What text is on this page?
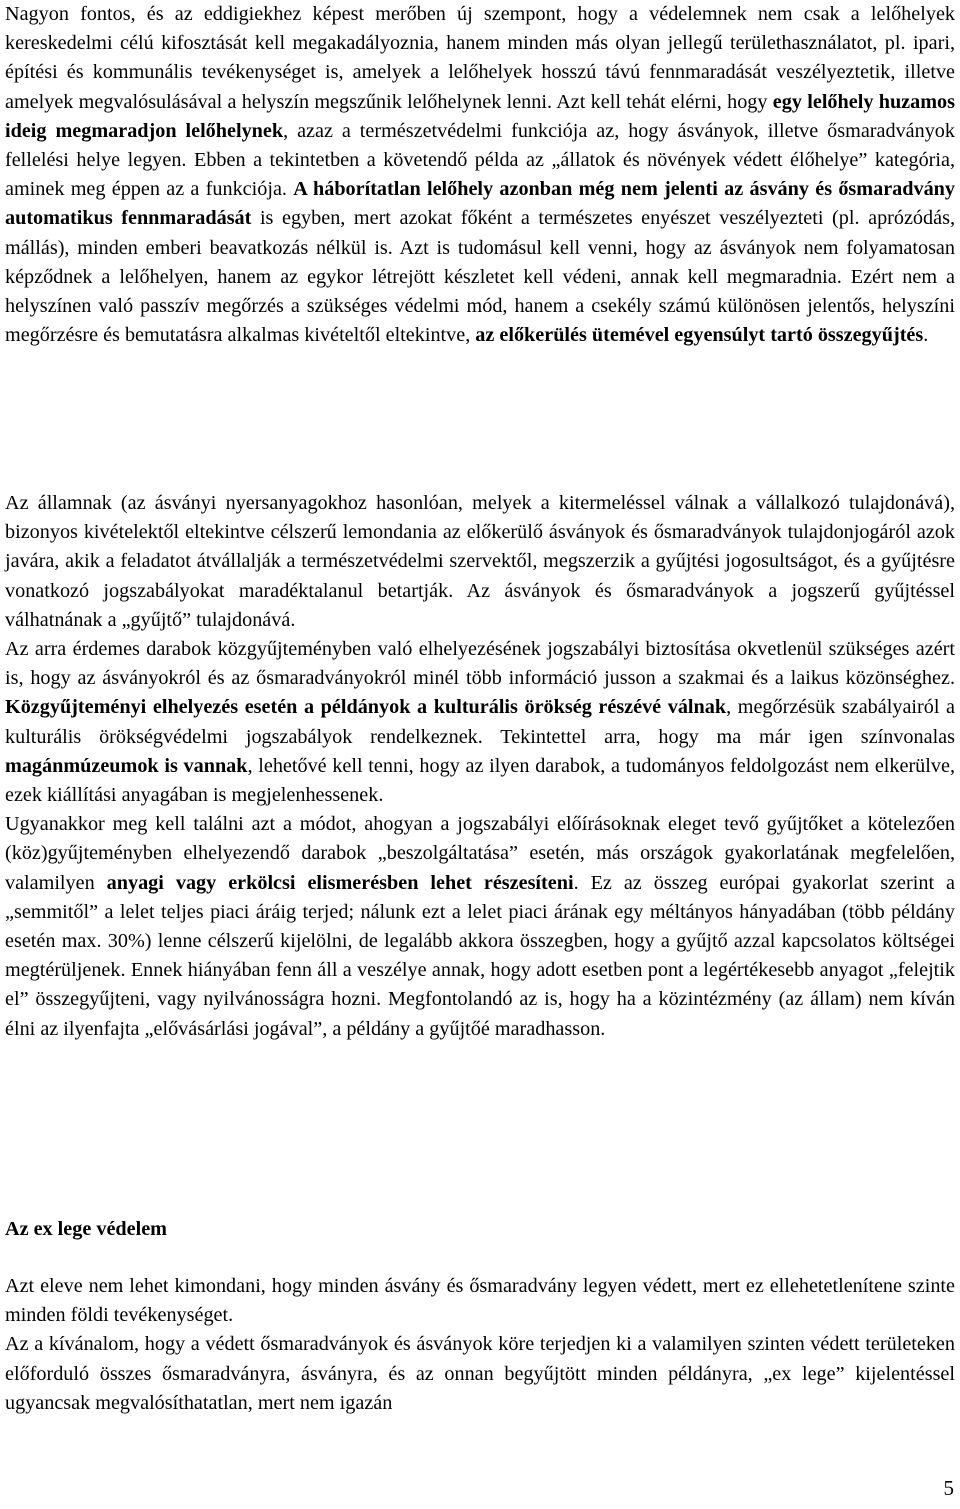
Nagyon fontos, és az eddigiekhez képest merőben új szempont, hogy a védelemnek nem csak a lelőhelyek kereskedelmi célú kifosztását kell megakadályoznia, hanem minden más olyan jellegű területhasználatot, pl. ipari, építési és kommunális tevékenységet is, amelyek a lelőhelyek hosszú távú fennmaradását veszélyeztetik, illetve amelyek megvalósulásával a helyszín megszűnik lelőhelynek lenni. Azt kell tehát elérni, hogy egy lelőhely huzamos ideig megmaradjon lelőhelynek, azaz a természetvédelmi funkciója az, hogy ásványok, illetve ősmaradványok fellelési helye legyen. Ebben a tekintetben a követendő példa az „állatok és növények védett élőhelye” kategória, aminek meg éppen az a funkciója. A háborítatlan lelőhely azonban még nem jelenti az ásvány és ősmaradvány automatikus fennmaradását is egyben, mert azokat főként a természetes enyészet veszélyezteti (pl. aprózódás, mállás), minden emberi beavatkozás nélkül is. Azt is tudomásul kell venni, hogy az ásványok nem folyamatosan képződnek a lelőhelyen, hanem az egykor létrejött készletet kell védeni, annak kell megmaradnia. Ezért nem a helyszínen való passzív megőrzés a szükséges védelmi mód, hanem a csekély számú különösen jelentős, helyszíni megőrzésre és bemutatásra alkalmas kivételtől eltekintve, az előkerülés ütemével egyensúlyt tartó összegyűjtés.

Az államnak (az ásványi nyersanyagokhoz hasonlóan, melyek a kitermeléssel válnak a vállalkozó tulajdonává), bizonyos kivételektől eltekintve célszerű lemondania az előkerülő ásványok és ősmaradványok tulajdonjogáról azok javára, akik a feladatot átvállalják a természetvédelmi szervektől, megszerzik a gyűjtési jogosultságot, és a gyűjtésre vonatkozó jogszabályokat maradéktalanul betartják. Az ásványok és ősmaradványok a jogszerű gyűjtéssel válhatnának a „gyűjtő” tulajdonává.

Az arra érdemes darabok közgyűjteményben való elhelyezésének jogszabályi biztosítása okvetlenül szükséges azért is, hogy az ásványokról és az ősmaradványokról minél több információ jusson a szakmai és a laikus közönséghez. Közgyűjteményi elhelyezés esetén a példányok a kulturális örökség részévé válnak, megőrzésük szabályairól a kulturális örökségvédelmi jogszabályok rendelkeznek. Tekintettel arra, hogy ma már igen színvonalas magánmúzeumok is vannak, lehetővé kell tenni, hogy az ilyen darabok, a tudományos feldolgozást nem elkerülve, ezek kiállítási anyagában is megjelenhessenek.

Ugyanakkor meg kell találni azt a módot, ahogyan a jogszabályi előírásoknak eleget tevő gyűjtőket a kötelezően (köz)gyűjteményben elhelyezendő darabok „beszolgáltatása” esetén, más országok gyakorlatának megfelelően, valamilyen anyagi vagy erkölcsi elismerésben lehet részesíteni. Ez az összeg európai gyakorlat szerint a „semmitől” a lelet teljes piaci áráig terjed; nálunk ezt a lelet piaci árának egy méltányos hányadában (több példány esetén max. 30%) lenne célszerű kijelölni, de legalább akkora összegben, hogy a gyűjtő azzal kapcsolatos költségei megtérüljenek. Ennek hiányában fenn áll a veszélye annak, hogy adott esetben pont a legértékesebb anyagot „felejtik el” összegyűjteni, vagy nyilvánosságra hozni. Megfontolandó az is, hogy ha a közintézmény (az állam) nem kíván élni az ilyenfajta „elővásárlási jogával”, a példány a gyűjtőé maradhasson.

Az ex lege védelem

Azt eleve nem lehet kimondani, hogy minden ásvány és ősmaradvány legyen védett, mert ez ellehetetlenítene szinte minden földi tevékenységet.

Az a kívánalom, hogy a védett ősmaradványok és ásványok köre terjedjen ki a valamilyen szinten védett területeken előforduló összes ősmaradványra, ásványra, és az onnan begyűjtött minden példányra, „ex lege” kijelentéssel ugyancsak megvalósíthatatlan, mert nem igazán

5
